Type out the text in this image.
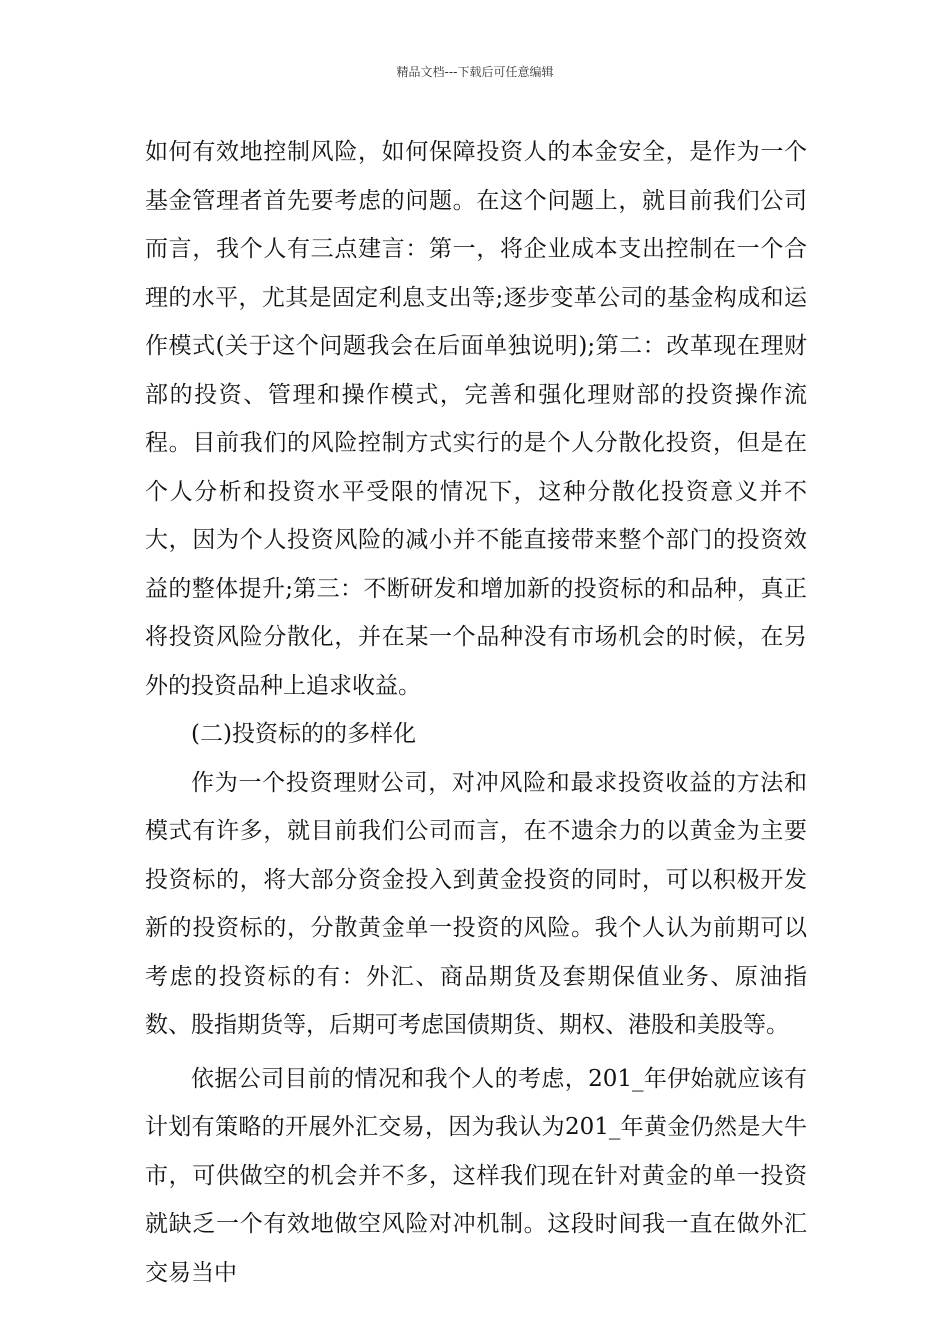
精品文档---下载后可任意编辑

如何有效地控制风险，如何保障投资人的本金安全，是作为一个基金管理者首先要考虑的问题。在这个问题上，就目前我们公司而言，我个人有三点建言：第一，将企业成本支出控制在一个合理的水平，尤其是固定利息支出等;逐步变革公司的基金构成和运作模式(关于这个问题我会在后面单独说明);第二：改革现在理财部的投资、管理和操作模式，完善和强化理财部的投资操作流程。目前我们的风险控制方式实行的是个人分散化投资，但是在个人分析和投资水平受限的情况下，这种分散化投资意义并不大，因为个人投资风险的减小并不能直接带来整个部门的投资效益的整体提升;第三：不断研发和增加新的投资标的和品种，真正将投资风险分散化，并在某一个品种没有市场机会的时候，在另外的投资品种上追求收益。

(二)投资标的的多样化

作为一个投资理财公司，对冲风险和最求投资收益的方法和模式有许多，就目前我们公司而言，在不遗余力的以黄金为主要投资标的，将大部分资金投入到黄金投资的同时，可以积极开发新的投资标的，分散黄金单一投资的风险。我个人认为前期可以考虑的投资标的有：外汇、商品期货及套期保值业务、原油指数、股指期货等，后期可考虑国债期货、期权、港股和美股等。

依据公司目前的情况和我个人的考虑，201_年伊始就应该有计划有策略的开展外汇交易，因为我认为201_年黄金仍然是大牛市，可供做空的机会并不多，这样我们现在针对黄金的单一投资就缺乏一个有效地做空风险对冲机制。这段时间我一直在做外汇交易当中
